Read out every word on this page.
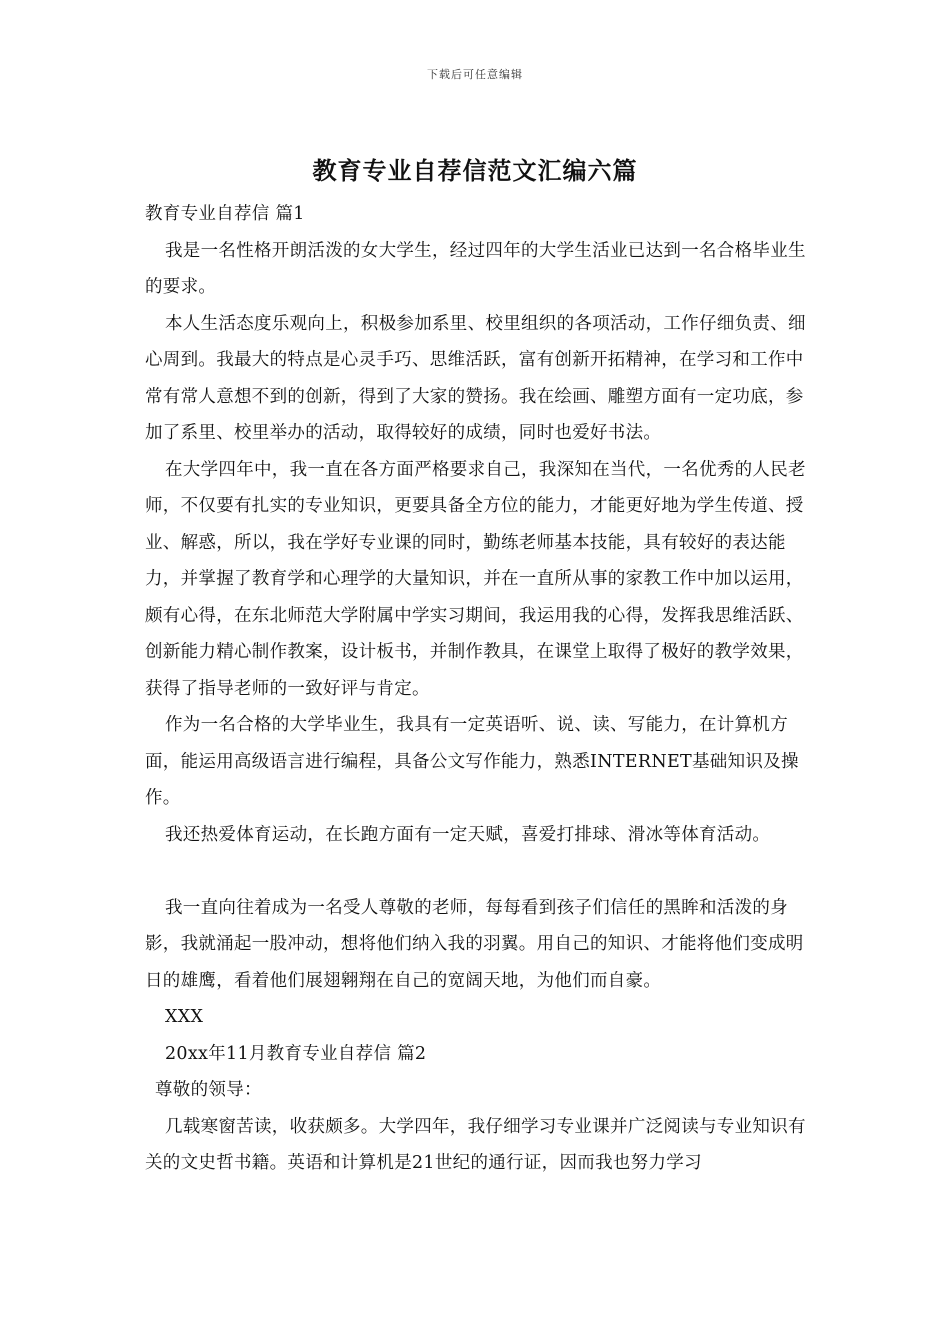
下载后可任意编辑
教育专业自荐信范文汇编六篇

教育专业自荐信 篇1

我是一名性格开朗活泼的女大学生，经过四年的大学生活业已达到一名合格毕业生的要求。

本人生活态度乐观向上，积极参加系里、校里组织的各项活动，工作仔细负责、细心周到。我最大的特点是心灵手巧、思维活跃，富有创新开拓精神，在学习和工作中常有常人意想不到的创新，得到了大家的赞扬。我在绘画、雕塑方面有一定功底，参加了系里、校里举办的活动，取得较好的成绩，同时也爱好书法。

在大学四年中，我一直在各方面严格要求自己，我深知在当代，一名优秀的人民老师，不仅要有扎实的专业知识，更要具备全方位的能力，才能更好地为学生传道、授业、解惑，所以，我在学好专业课的同时，勤练老师基本技能，具有较好的表达能力，并掌握了教育学和心理学的大量知识，并在一直所从事的家教工作中加以运用，颇有心得，在东北师范大学附属中学实习期间，我运用我的心得，发挥我思维活跃、创新能力精心制作教案，设计板书，并制作教具，在课堂上取得了极好的教学效果，获得了指导老师的一致好评与肯定。

作为一名合格的大学毕业生，我具有一定英语听、说、读、写能力，在计算机方面，能运用高级语言进行编程，具备公文写作能力，熟悉INTERNET基础知识及操作。

我还热爱体育运动，在长跑方面有一定天赋，喜爱打排球、滑冰等体育活动。

我一直向往着成为一名受人尊敬的老师，每每看到孩子们信任的黑眸和活泼的身影，我就涌起一股冲动，想将他们纳入我的羽翼。用自己的知识、才能将他们变成明日的雄鹰，看着他们展翅翱翔在自己的宽阔天地，为他们而自豪。

XXX

20xx年11月教育专业自荐信 篇2

尊敬的领导：

几载寒窗苦读，收获颇多。大学四年，我仔细学习专业课并广泛阅读与专业知识有关的文史哲书籍。英语和计算机是21世纪的通行证，因而我也努力学习
